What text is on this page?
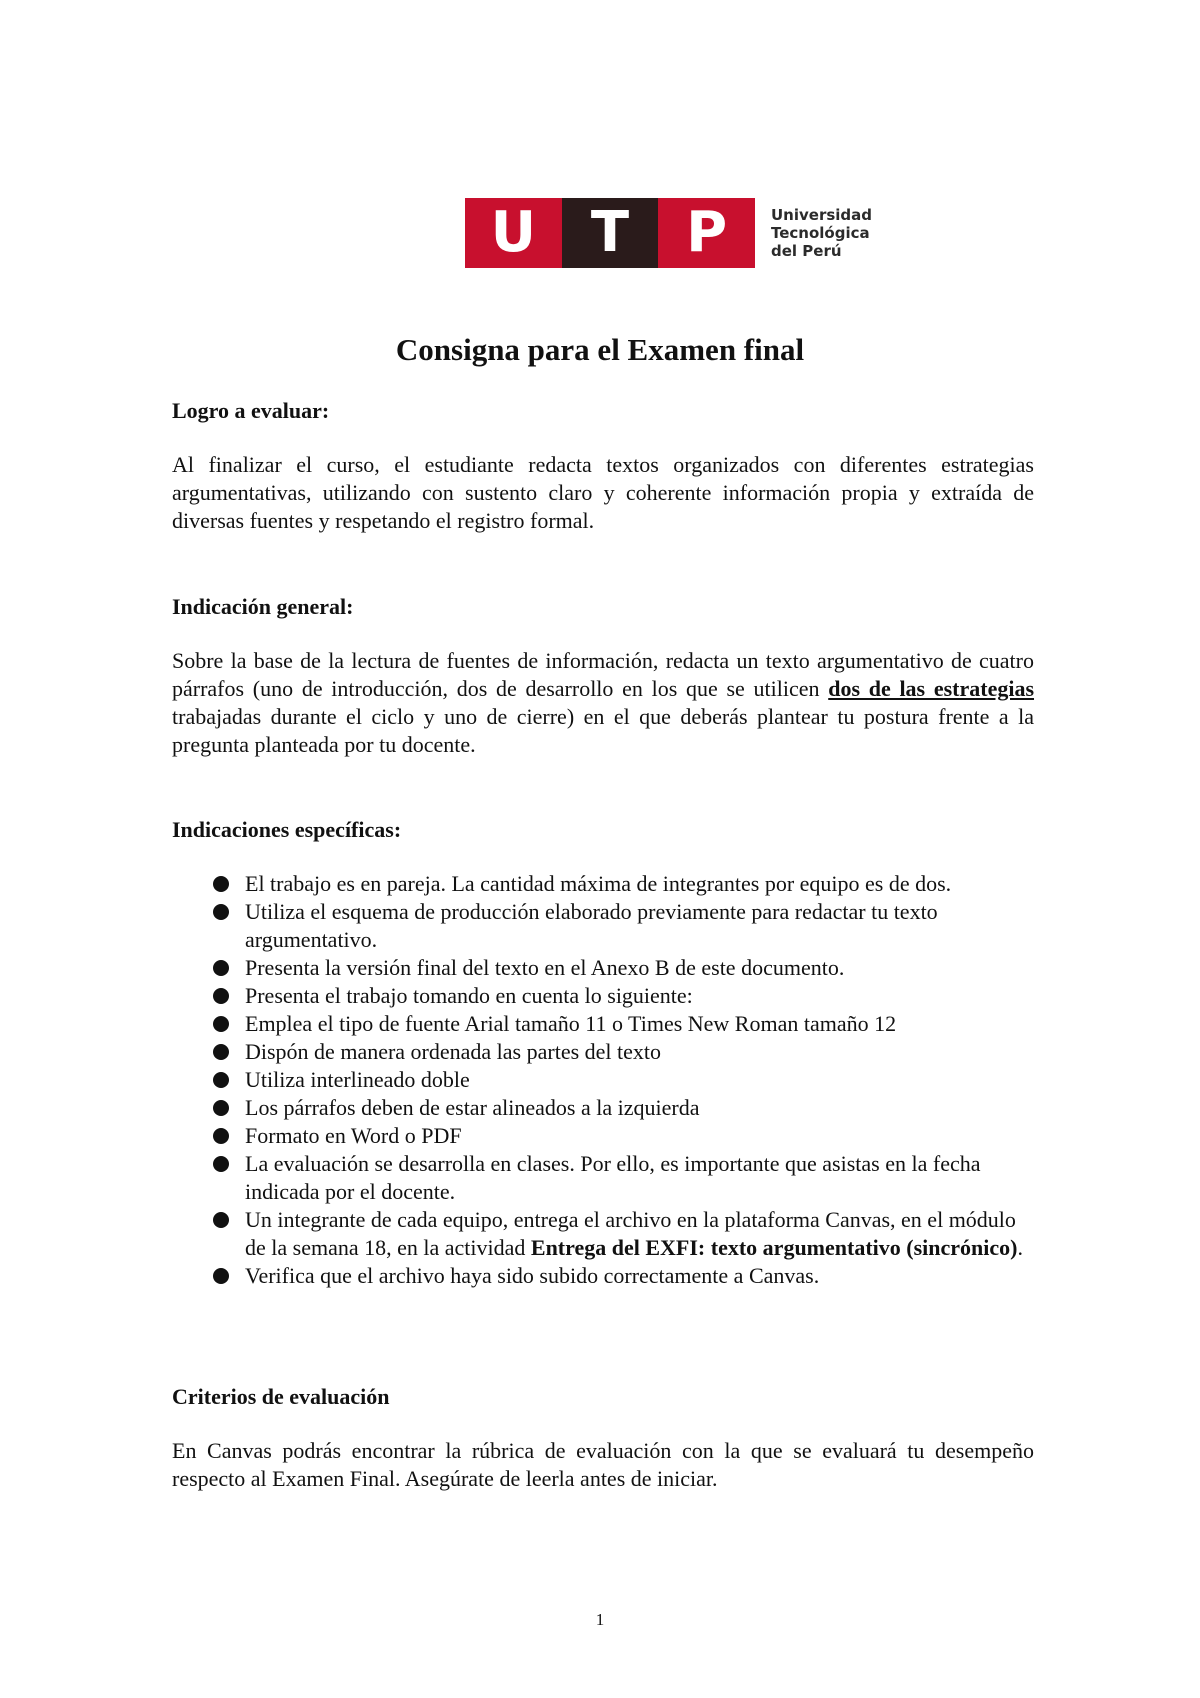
U T	P	Universidad
Tecnológica
del Perú
Consigna para el Examen final
Logro a evaluar:
Al finalizar el curso, el estudiante redacta textos organizados con diferentes estrategias argumentativas, utilizando con sustento claro y coherente información propia y extraída de diversas fuentes y respetando el registro formal.
Indicación general:
Sobre la base de la lectura de fuentes de información, redacta un texto argumentativo de cuatro párrafos (uno de introducción, dos de desarrollo en los que se utilicen dos de las estrategias trabajadas durante el ciclo y uno de cierre) en el que deberás plantear tu postura frente a la pregunta planteada por tu docente.
Indicaciones específicas:
El trabajo es en pareja. La cantidad máxima de integrantes por equipo es de dos.
Utiliza el esquema de producción elaborado previamente para redactar tu texto argumentativo.
Presenta la versión final del texto en el Anexo B de este documento.
Presenta el trabajo tomando en cuenta lo siguiente:
Emplea el tipo de fuente Arial tamaño 11 o Times New Roman tamaño 12
Dispón de manera ordenada las partes del texto
Utiliza interlineado doble
Los párrafos deben de estar alineados a la izquierda
Formato en Word o PDF
La evaluación se desarrolla en clases. Por ello, es importante que asistas en la fecha indicada por el docente.
Un integrante de cada equipo, entrega el archivo en la plataforma Canvas, en el módulo de la semana 18, en la actividad Entrega del EXFI: texto argumentativo (sincrónico).
Verifica que el archivo haya sido subido correctamente a Canvas.
Criterios de evaluación
En Canvas podrás encontrar la rúbrica de evaluación con la que se evaluará tu desempeño respecto al Examen Final. Asegúrate de leerla antes de iniciar.
1
